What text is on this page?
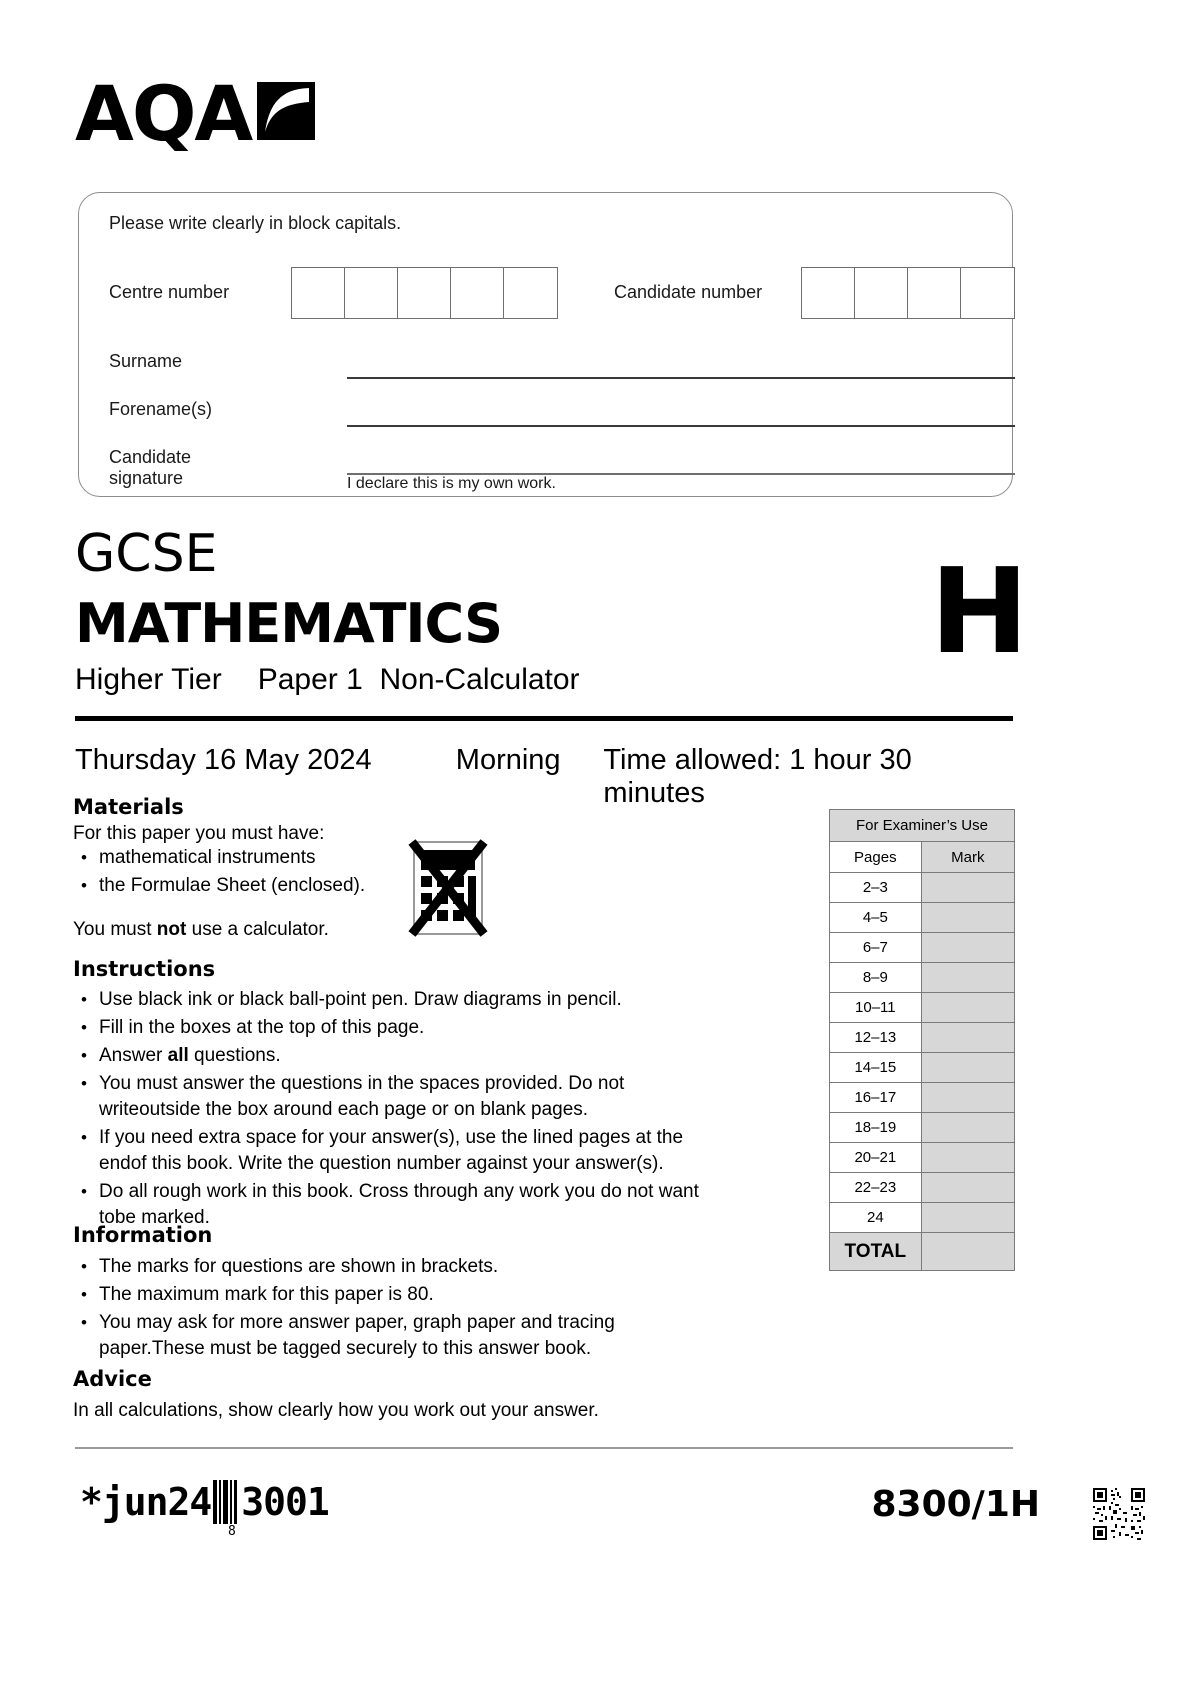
AQA
Please write clearly in block capitals.
Centre number	Candidate number
Surname
Forename(s)
Candidate signature	I declare this is my own work.
GCSE
MATHEMATICS
Higher Tier Paper 1 Non-Calculator	H
Thursday 16 May 2024	Morning	Time allowed: 1 hour 30 minutes
Materials
For this paper you must have:
• mathematical instruments
• the Formulae Sheet (enclosed).
You must not use a calculator.
Instructions
• Use black ink or black ball-point pen. Draw diagrams in pencil.
• Fill in the boxes at the top of this page.
• Answer all questions.
• You must answer the questions in the spaces provided. Do not writeoutside the box around each page or on blank pages.
• If you need extra space for your answer(s), use the lined pages at the endof this book. Write the question number against your answer(s).
• Do all rough work in this book. Cross through any work you do not want tobe marked.
Information
• The marks for questions are shown in brackets.
• The maximum mark for this paper is 80.
• You may ask for more answer paper, graph paper and tracing paper.These must be tagged securely to this answer book.
Advice
In all calculations, show clearly how you work out your answer.
For Examiner’s Use	
Pages	Mark
2–3	
4–5	
6–7	
8–9	
10–11	
12–13	
14–15	
16–17	
18–19	
20–21	
22–23	
24	
TOTAL	
*jun24 3001
8
8300/1H
